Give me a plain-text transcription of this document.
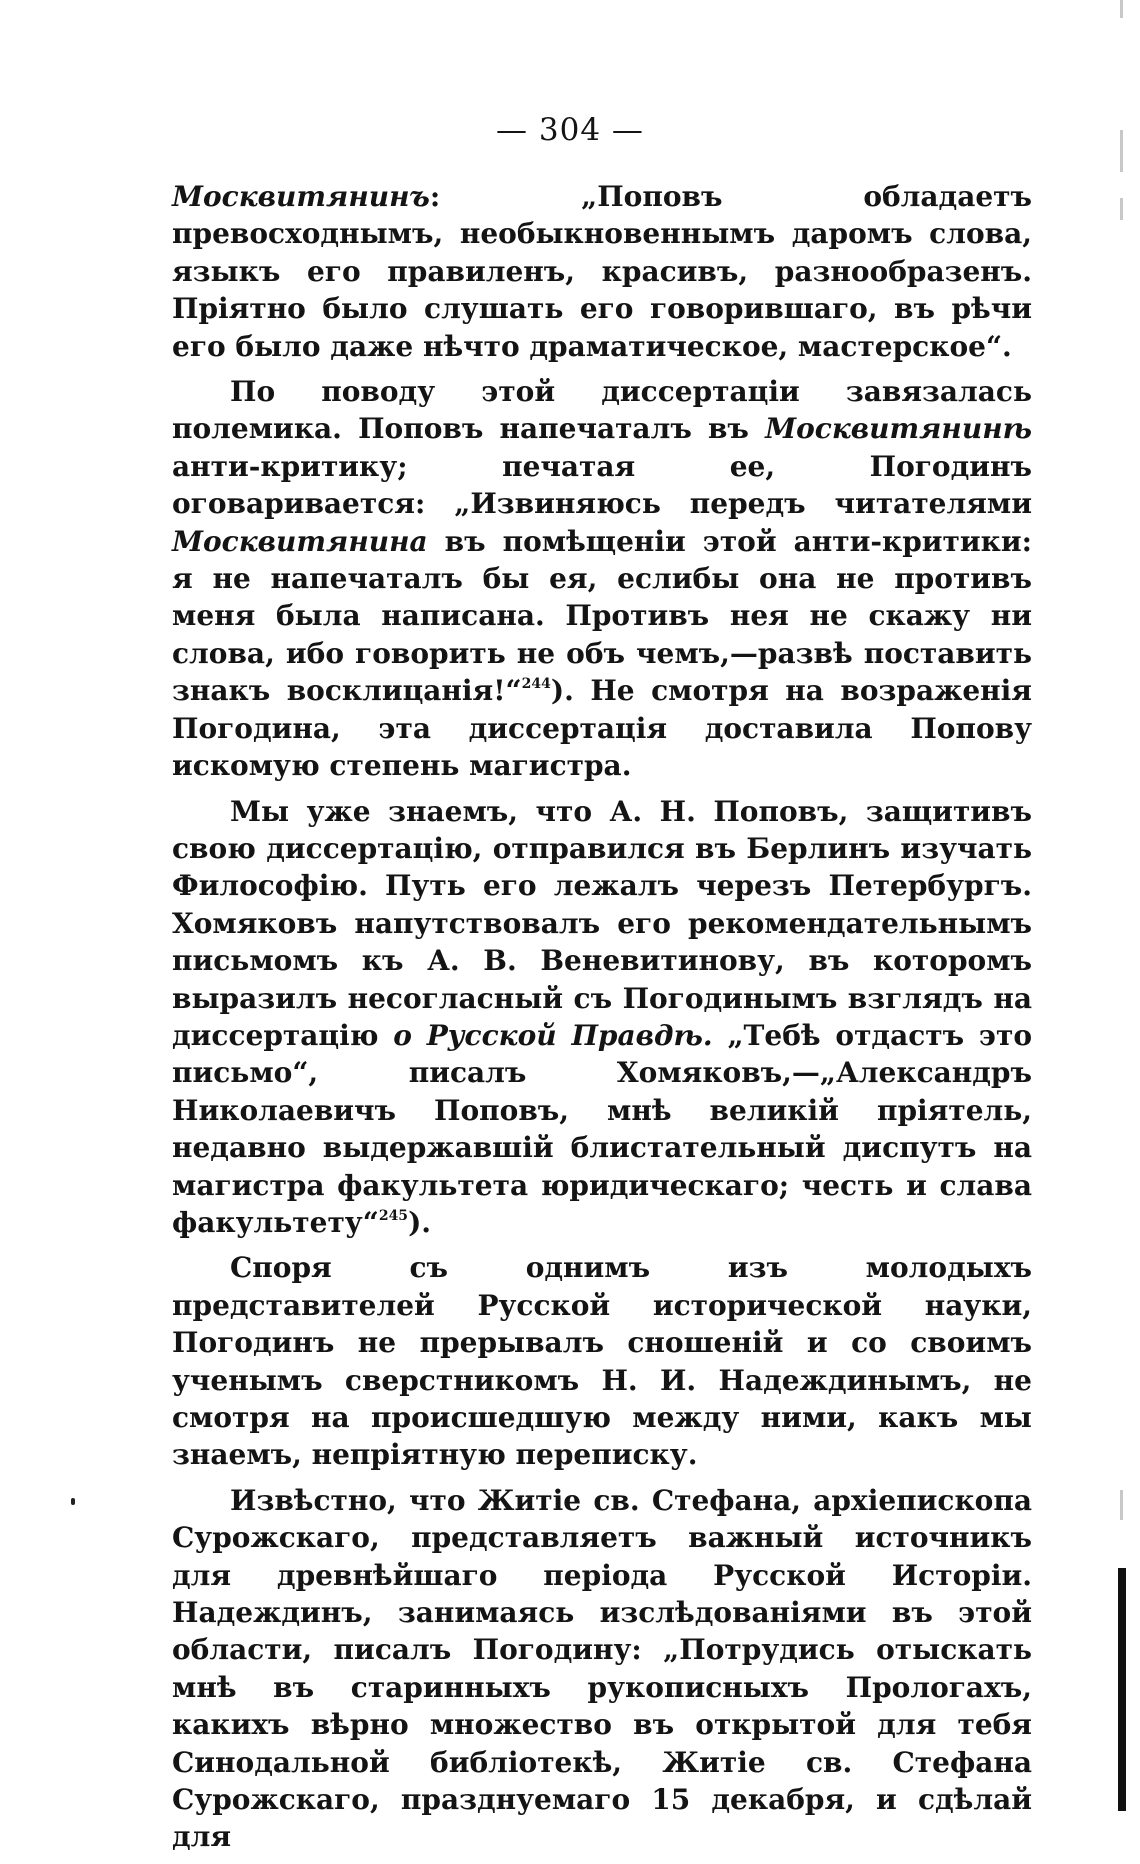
— 304 —

Москвитянинъ: „Поповъ обладаетъ превосходнымъ, необыкновеннымъ даромъ слова, языкъ его правиленъ, красивъ, разнообразенъ. Пріятно было слушать его говорившаго, въ рѣчи его было даже нѣчто драматическое, мастерское“.

По поводу этой диссертаціи завязалась полемика. Поповъ напечаталъ въ Москвитянинѣ анти-критику; печатая ее, Погодинъ оговаривается: „Извиняюсь передъ читателями Москвитянина въ помѣщеніи этой анти-критики: я не напечаталъ бы ея, еслибы она не противъ меня была написана. Противъ нея не скажу ни слова, ибо говорить не объ чемъ,—развѣ поставить знакъ восклицанія!“$^{244}$). Не смотря на возраженія Погодина, эта диссертація доставила Попову искомую степень магистра.

Мы уже знаемъ, что А. Н. Поповъ, защитивъ свою диссертацію, отправился въ Берлинъ изучать Философію. Путь его лежалъ черезъ Петербургъ. Хомяковъ напутствовалъ его рекомендательнымъ письмомъ къ А. В. Веневитинову, въ которомъ выразилъ несогласный съ Погодинымъ взглядъ на диссертацію о Русской Правдѣ. „Тебѣ отдастъ это письмо“, писалъ Хомяковъ,—„Александръ Николаевичъ Поповъ, мнѣ великій пріятель, недавно выдержавшій блистательный диспутъ на магистра факультета юридическаго; честь и слава факультету“$^{245}$).

Споря съ однимъ изъ молодыхъ представителей Русской исторической науки, Погодинъ не прерывалъ сношеній и со своимъ ученымъ сверстникомъ Н. И. Надеждинымъ, не смотря на происшедшую между ними, какъ мы знаемъ, непріятную переписку.

Извѣстно, что Житіе св. Стефана, архіепископа Сурожскаго, представляетъ важный источникъ для древнѣйшаго періода Русской Исторіи. Надеждинъ, занимаясь изслѣдованіями въ этой области, писалъ Погодину: „Потрудись отыскать мнѣ въ старинныхъ рукописныхъ Прологахъ, какихъ вѣрно множество въ открытой для тебя Синодальной библіотекѣ, Житіе св. Стефана Сурожскаго, празднуемаго 15 декабря, и сдѣлай для
